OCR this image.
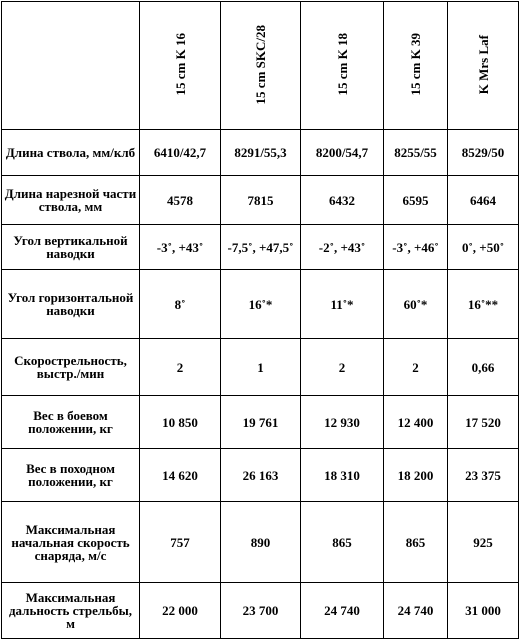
	15 cm K 16	15 cm SKC/28	15 cm K 18	15 cm K 39	K Mrs Laf
Длина ствола, мм/клб	6410/42,7	8291/55,3	8200/54,7	8255/55	8529/50
Длина нарезной части ствола, мм	4578	7815	6432	6595	6464
Угол вертикальной наводки	-3˚, +43˚	-7,5˚, +47,5˚	-2˚, +43˚	-3˚, +46˚	0˚, +50˚
Угол горизонтальной наводки	8˚	16˚*	11˚*	60˚*	16˚**
Скорострельность, выстр./мин	2	1	2	2	0,66
Вес в боевом положении, кг	10 850	19 761	12 930	12 400	17 520
Вес в походном положении, кг	14 620	26 163	18 310	18 200	23 375
Максимальная начальная скорость снаряда, м/с	757	890	865	865	925
Максимальная дальность стрельбы, м	22 000	23 700	24 740	24 740	31 000
